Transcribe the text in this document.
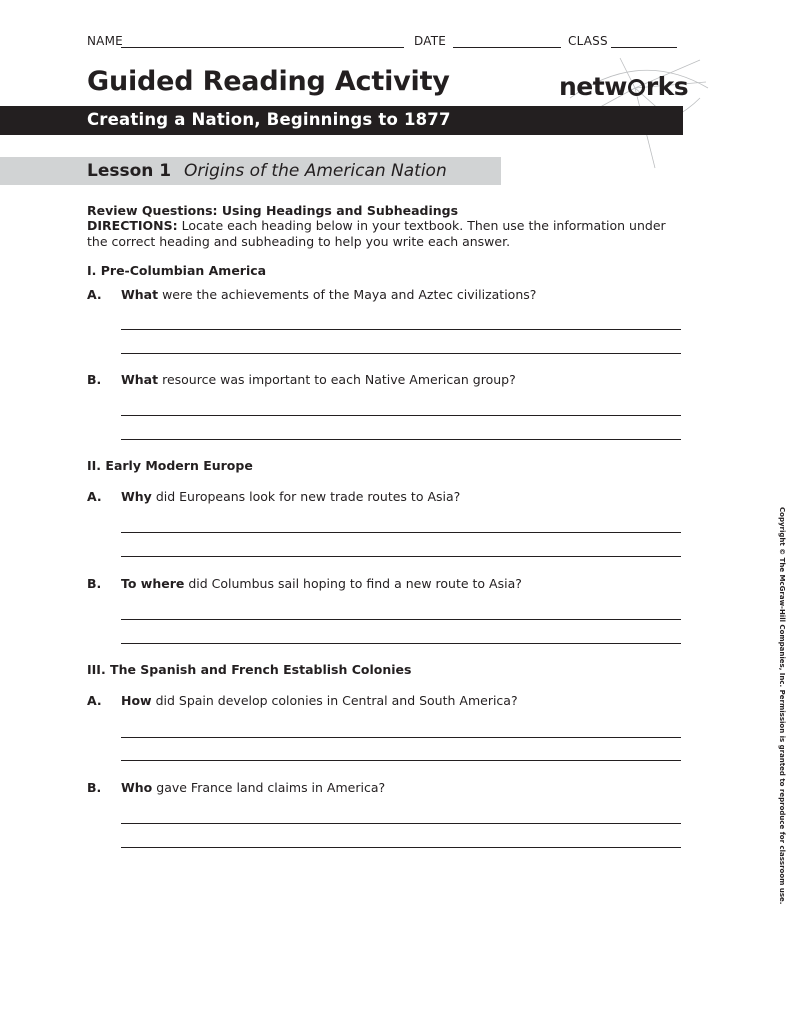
NAME	DATE	CLASS
Guided Reading Activity	netw rks
Creating a Nation, Beginnings to 1877
Lesson 1 Origins of the American Nation
Review Questions: Using Headings and Subheadings
DIRECTIONS: Locate each heading below in your textbook. Then use the information under the correct heading and subheading to help you write each answer.
I. Pre-Columbian America
A. What were the achievements of the Maya and Aztec civilizations?
B. What resource was important to each Native American group?
II. Early Modern Europe
A. Why did Europeans look for new trade routes to Asia?
B. To where did Columbus sail hoping to find a new route to Asia?
III. The Spanish and French Establish Colonies
A. How did Spain develop colonies in Central and South America?
B. Who gave France land claims in America?	Copyright © The McGraw-Hill Companies, Inc. Permission is granted to reproduce for classroom use.
